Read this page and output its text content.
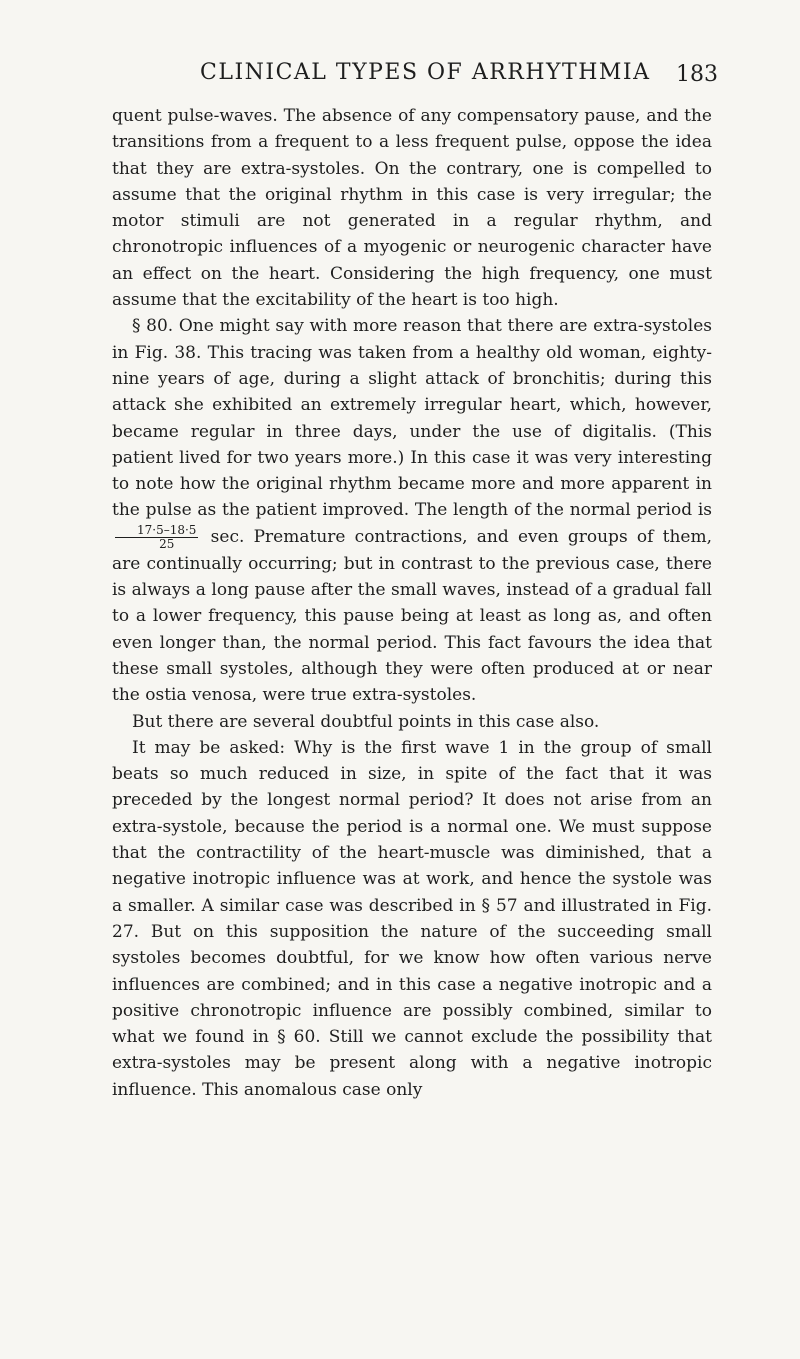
CLINICAL TYPES OF ARRHYTHMIA 183

quent pulse-waves. The absence of any compensatory pause, and the transitions from a frequent to a less frequent pulse, oppose the idea that they are extra-systoles. On the contrary, one is compelled to assume that the original rhythm in this case is very irregular; the motor stimuli are not generated in a regular rhythm, and chronotropic influences of a myogenic or neurogenic character have an effect on the heart. Considering the high frequency, one must assume that the excitability of the heart is too high.

§ 80. One might say with more reason that there are extra-systoles in Fig. 38. This tracing was taken from a healthy old woman, eighty-nine years of age, during a slight attack of bronchitis; during this attack she exhibited an extremely irregular heart, which, however, became regular in three days, under the use of digitalis. (This patient lived for two years more.) In this case it was very interesting to note how the original rhythm became more and more apparent in the pulse as the patient improved. The length of the normal period is
$\frac{17\cdot 5-18\cdot 5}{25} \sec$. Premature contractions, and even groups of them, are continually occurring; but in contrast to the previous case, there is always a long pause after the small waves, instead of a gradual fall to a lower frequency, this pause being at least as long as, and often even longer than, the normal period. This fact favours the idea that these small systoles, although they were often produced at or near the ostia venosa, were true extra-systoles.

But there are several doubtful points in this case also.

It may be asked: Why is the first wave 1 in the group of small beats so much reduced in size, in spite of the fact that it was preceded by the longest normal period? It does not arise from an extra-systole, because the period is a normal one. We must suppose that the contractility of the heart-muscle was diminished, that a negative inotropic influence was at work, and hence the systole was a smaller. A similar case was described in § 57 and illustrated in Fig. 27. But on this supposition the nature of the succeeding small systoles becomes doubtful, for we know how often various nerve influences are combined; and in this case a negative inotropic and a positive chronotropic influence are possibly combined, similar to what we found in § 60. Still we cannot exclude the possibility that extra-systoles may be present along with a negative inotropic influence. This anomalous case only
